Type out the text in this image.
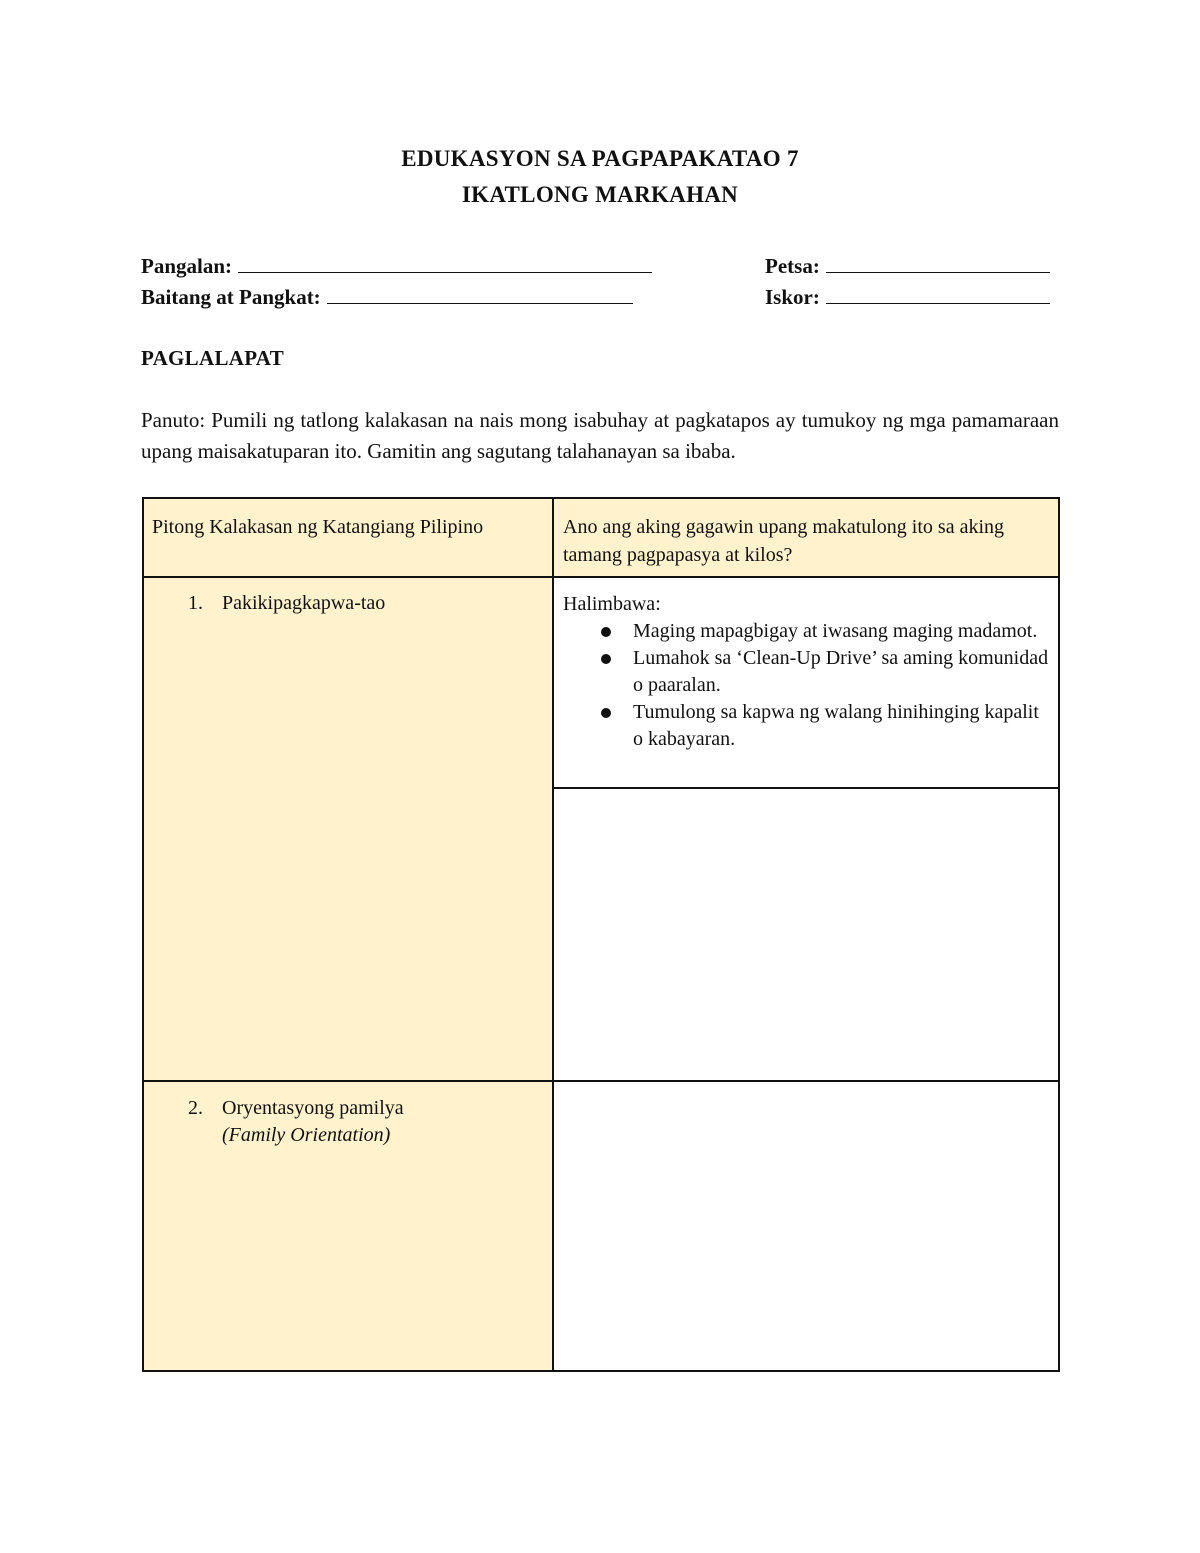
EDUKASYON SA PAGPAPAKATAO 7
IKATLONG MARKAHAN
Pangalan:	Petsa:
Baitang at Pangkat:	Iskor:
PAGLALAPAT
Panuto: Pumili ng tatlong kalakasan na nais mong isabuhay at pagkatapos ay tumukoy ng mga pamamaraan upang maisakatuparan ito. Gamitin ang sagutang talahanayan sa ibaba.
Pitong Kalakasan ng Katangiang Pilipino	Ano ang aking gagawin upang makatulong ito sa aking tamang pagpapasya at kilos?
1. Pakikipagkapwa-tao	Halimbawa:
Maging mapagbigay at iwasang maging madamot.
Lumahok sa ‘Clean-Up Drive’ sa aming komunidad o paaralan.
Tumulong sa kapwa ng walang hinihinging kapalit o kabayaran.
2. Oryentasyong pamilya
(Family Orientation)
